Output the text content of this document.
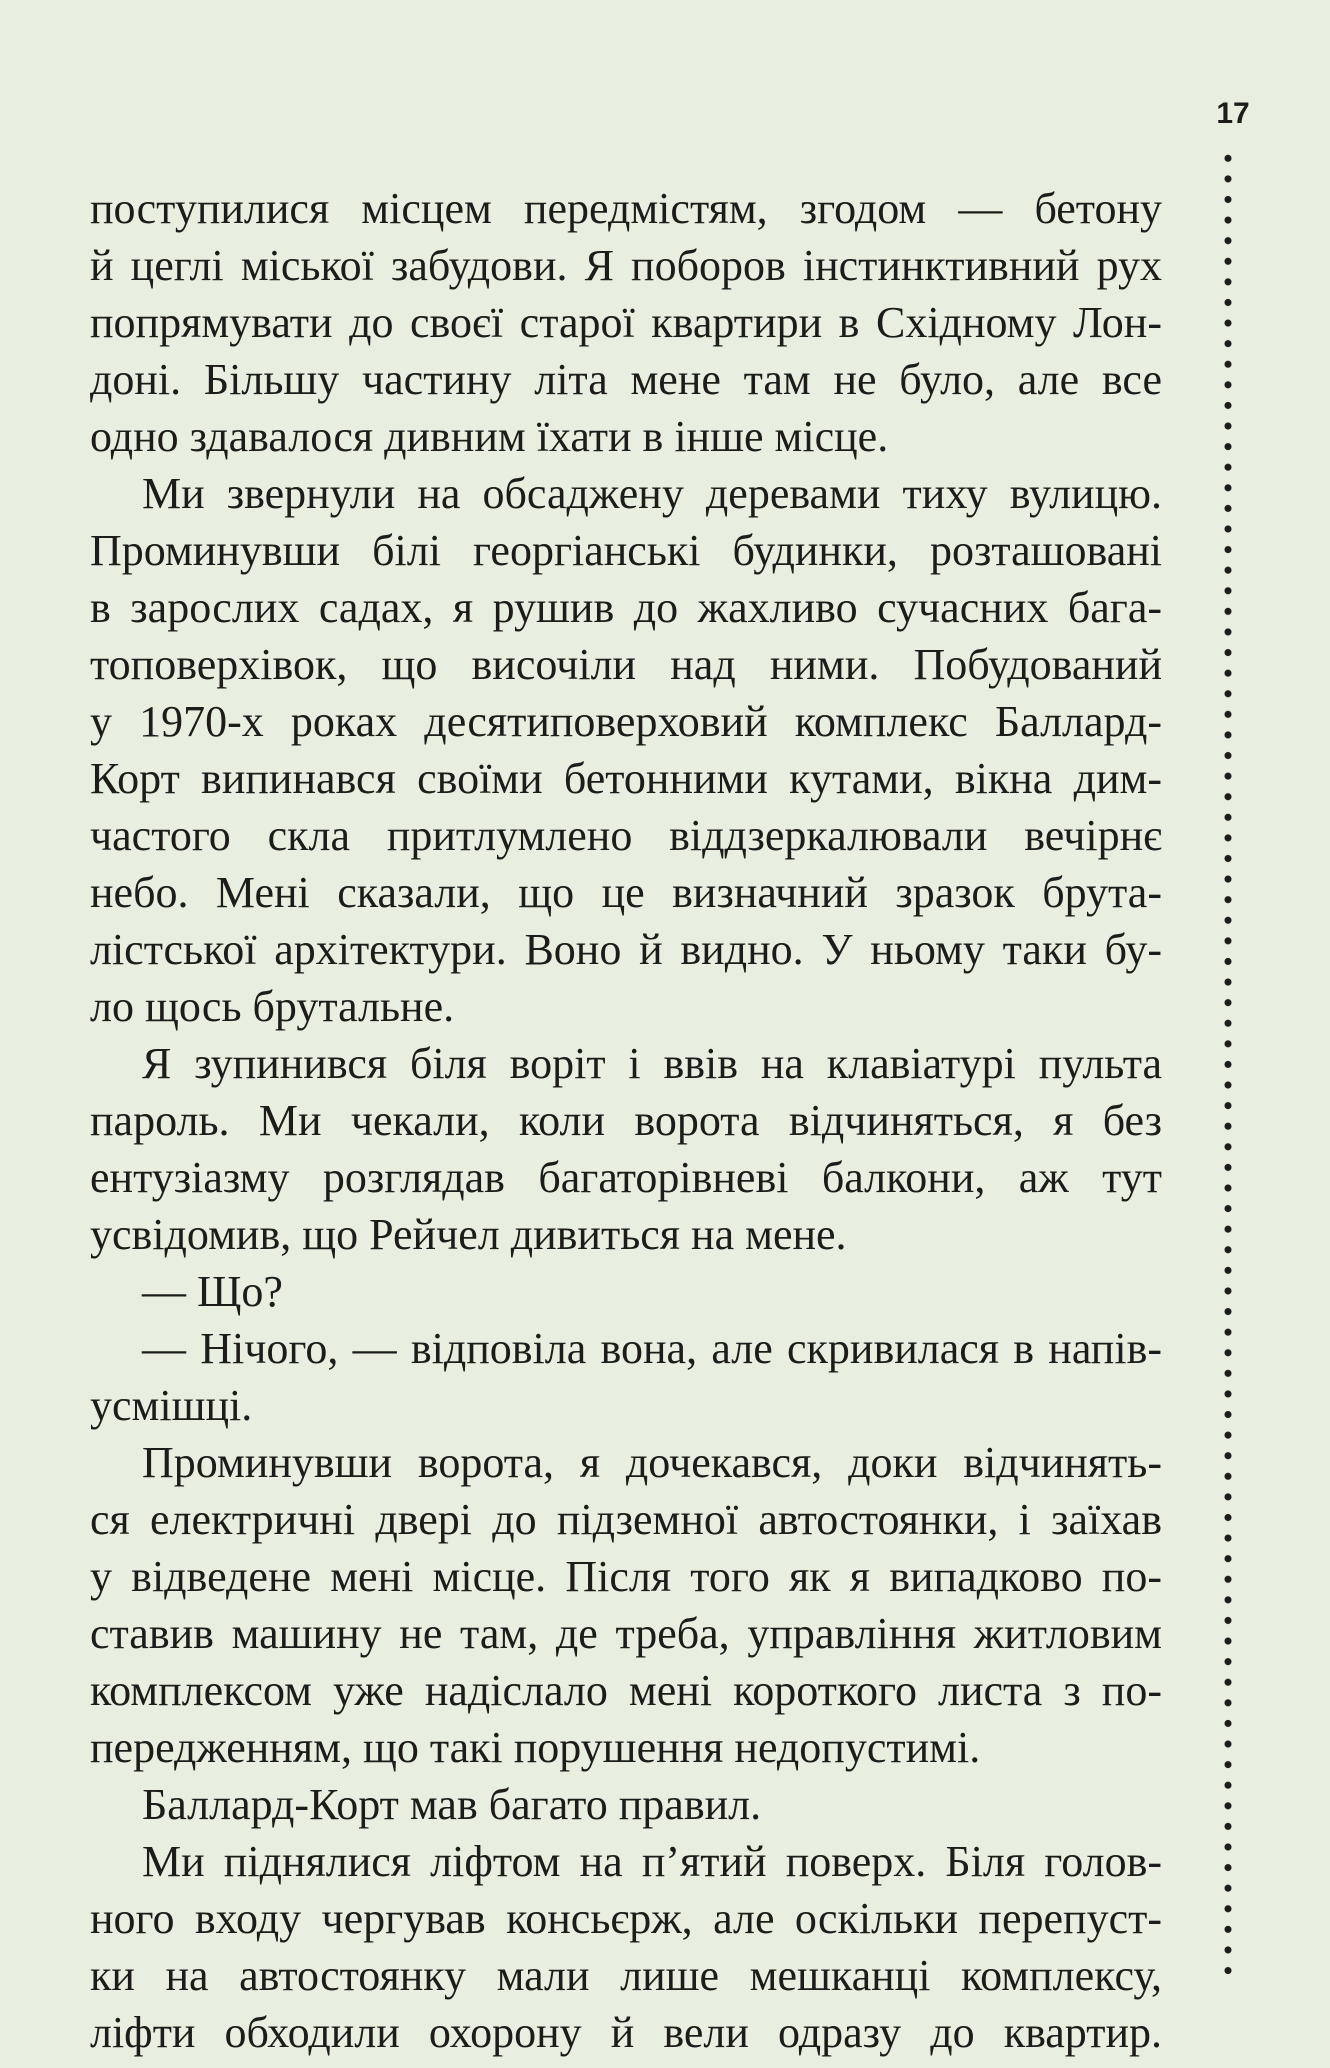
17
поступилися місцем передмістям, згодом — бетону
й цеглі міської забудови. Я поборов інстинктивний рух
попрямувати до своєї старої квартири в Східному Лон-
доні. Більшу частину літа мене там не було, але все
одно здавалося дивним їхати в інше місце.
Ми звернули на обсаджену деревами тиху вулицю.
Проминувши білі георгіанські будинки, розташовані
в зарослих садах, я рушив до жахливо сучасних бага-
топоверхівок, що височіли над ними. Побудований
у 1970-х роках десятиповерховий комплекс Баллард-
Корт випинався своїми бетонними кутами, вікна дим-
частого скла притлумлено віддзеркалювали вечірнє
небо. Мені сказали, що це визначний зразок брута-
лістської архітектури. Воно й видно. У ньому таки бу-
ло щось брутальне.
Я зупинився біля воріт і ввів на клавіатурі пульта
пароль. Ми чекали, коли ворота відчиняться, я без
ентузіазму розглядав багаторівневі балкони, аж тут
усвідомив, що Рейчел дивиться на мене.
— Що?
— Нічого, — відповіла вона, але скривилася в напів-
усмішці.
Проминувши ворота, я дочекався, доки відчинять-
ся електричні двері до підземної автостоянки, і заїхав
у відведене мені місце. Після того як я випадково по-
ставив машину не там, де треба, управління житловим
комплексом уже надіслало мені короткого листа з по-
передженням, що такі порушення недопустимі.
Баллард-Корт мав багато правил.
Ми піднялися ліфтом на п’ятий поверх. Біля голов-
ного входу чергував консьєрж, але оскільки перепуст-
ки на автостоянку мали лише мешканці комплексу,
ліфти обходили охорону й вели одразу до квартир.
